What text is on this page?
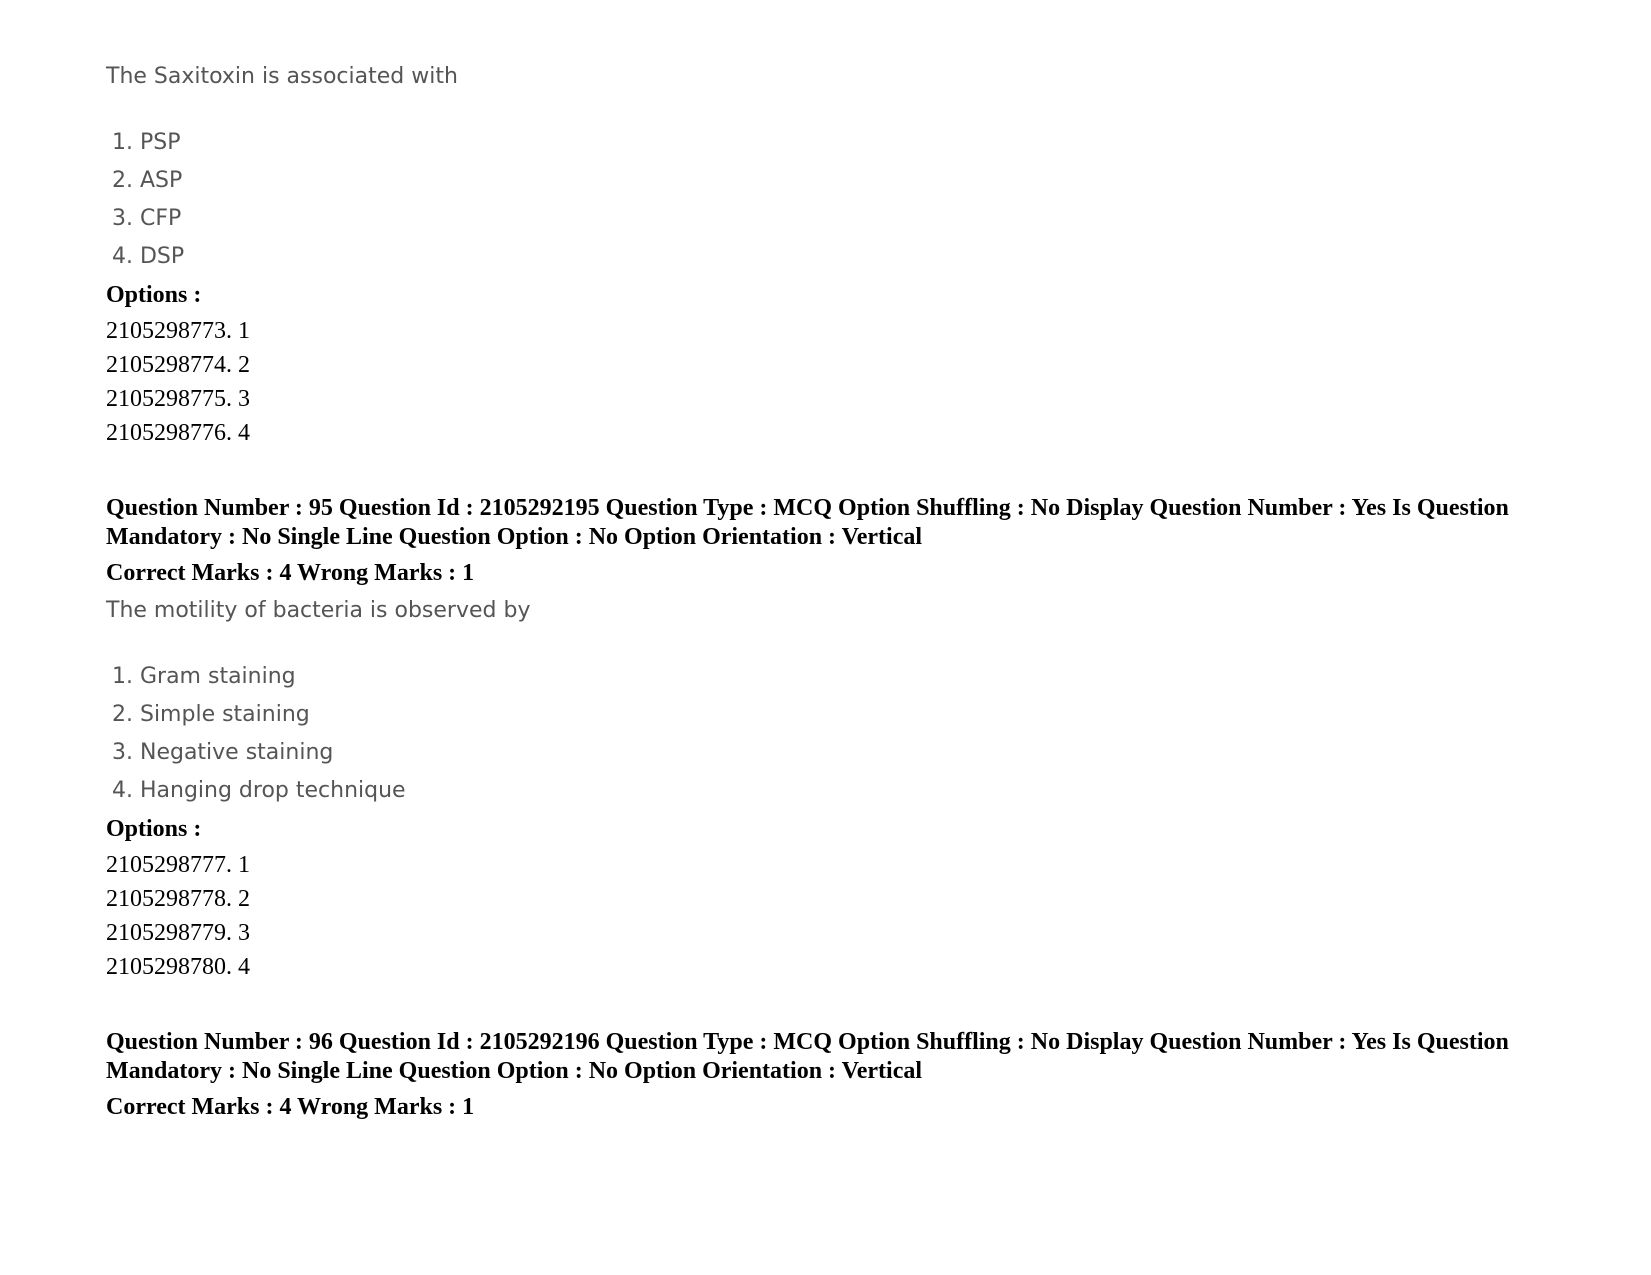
The Saxitoxin is associated with
1. PSP
2. ASP
3. CFP
4. DSP
Options :
2105298773. 1
2105298774. 2
2105298775. 3
2105298776. 4
Question Number : 95 Question Id : 2105292195 Question Type : MCQ Option Shuffling : No Display Question Number : Yes Is Question Mandatory : No Single Line Question Option : No Option Orientation : Vertical
Correct Marks : 4 Wrong Marks : 1
The motility of bacteria is observed by
1. Gram staining
2. Simple staining
3. Negative staining
4. Hanging drop technique
Options :
2105298777. 1
2105298778. 2
2105298779. 3
2105298780. 4
Question Number : 96 Question Id : 2105292196 Question Type : MCQ Option Shuffling : No Display Question Number : Yes Is Question Mandatory : No Single Line Question Option : No Option Orientation : Vertical
Correct Marks : 4 Wrong Marks : 1
